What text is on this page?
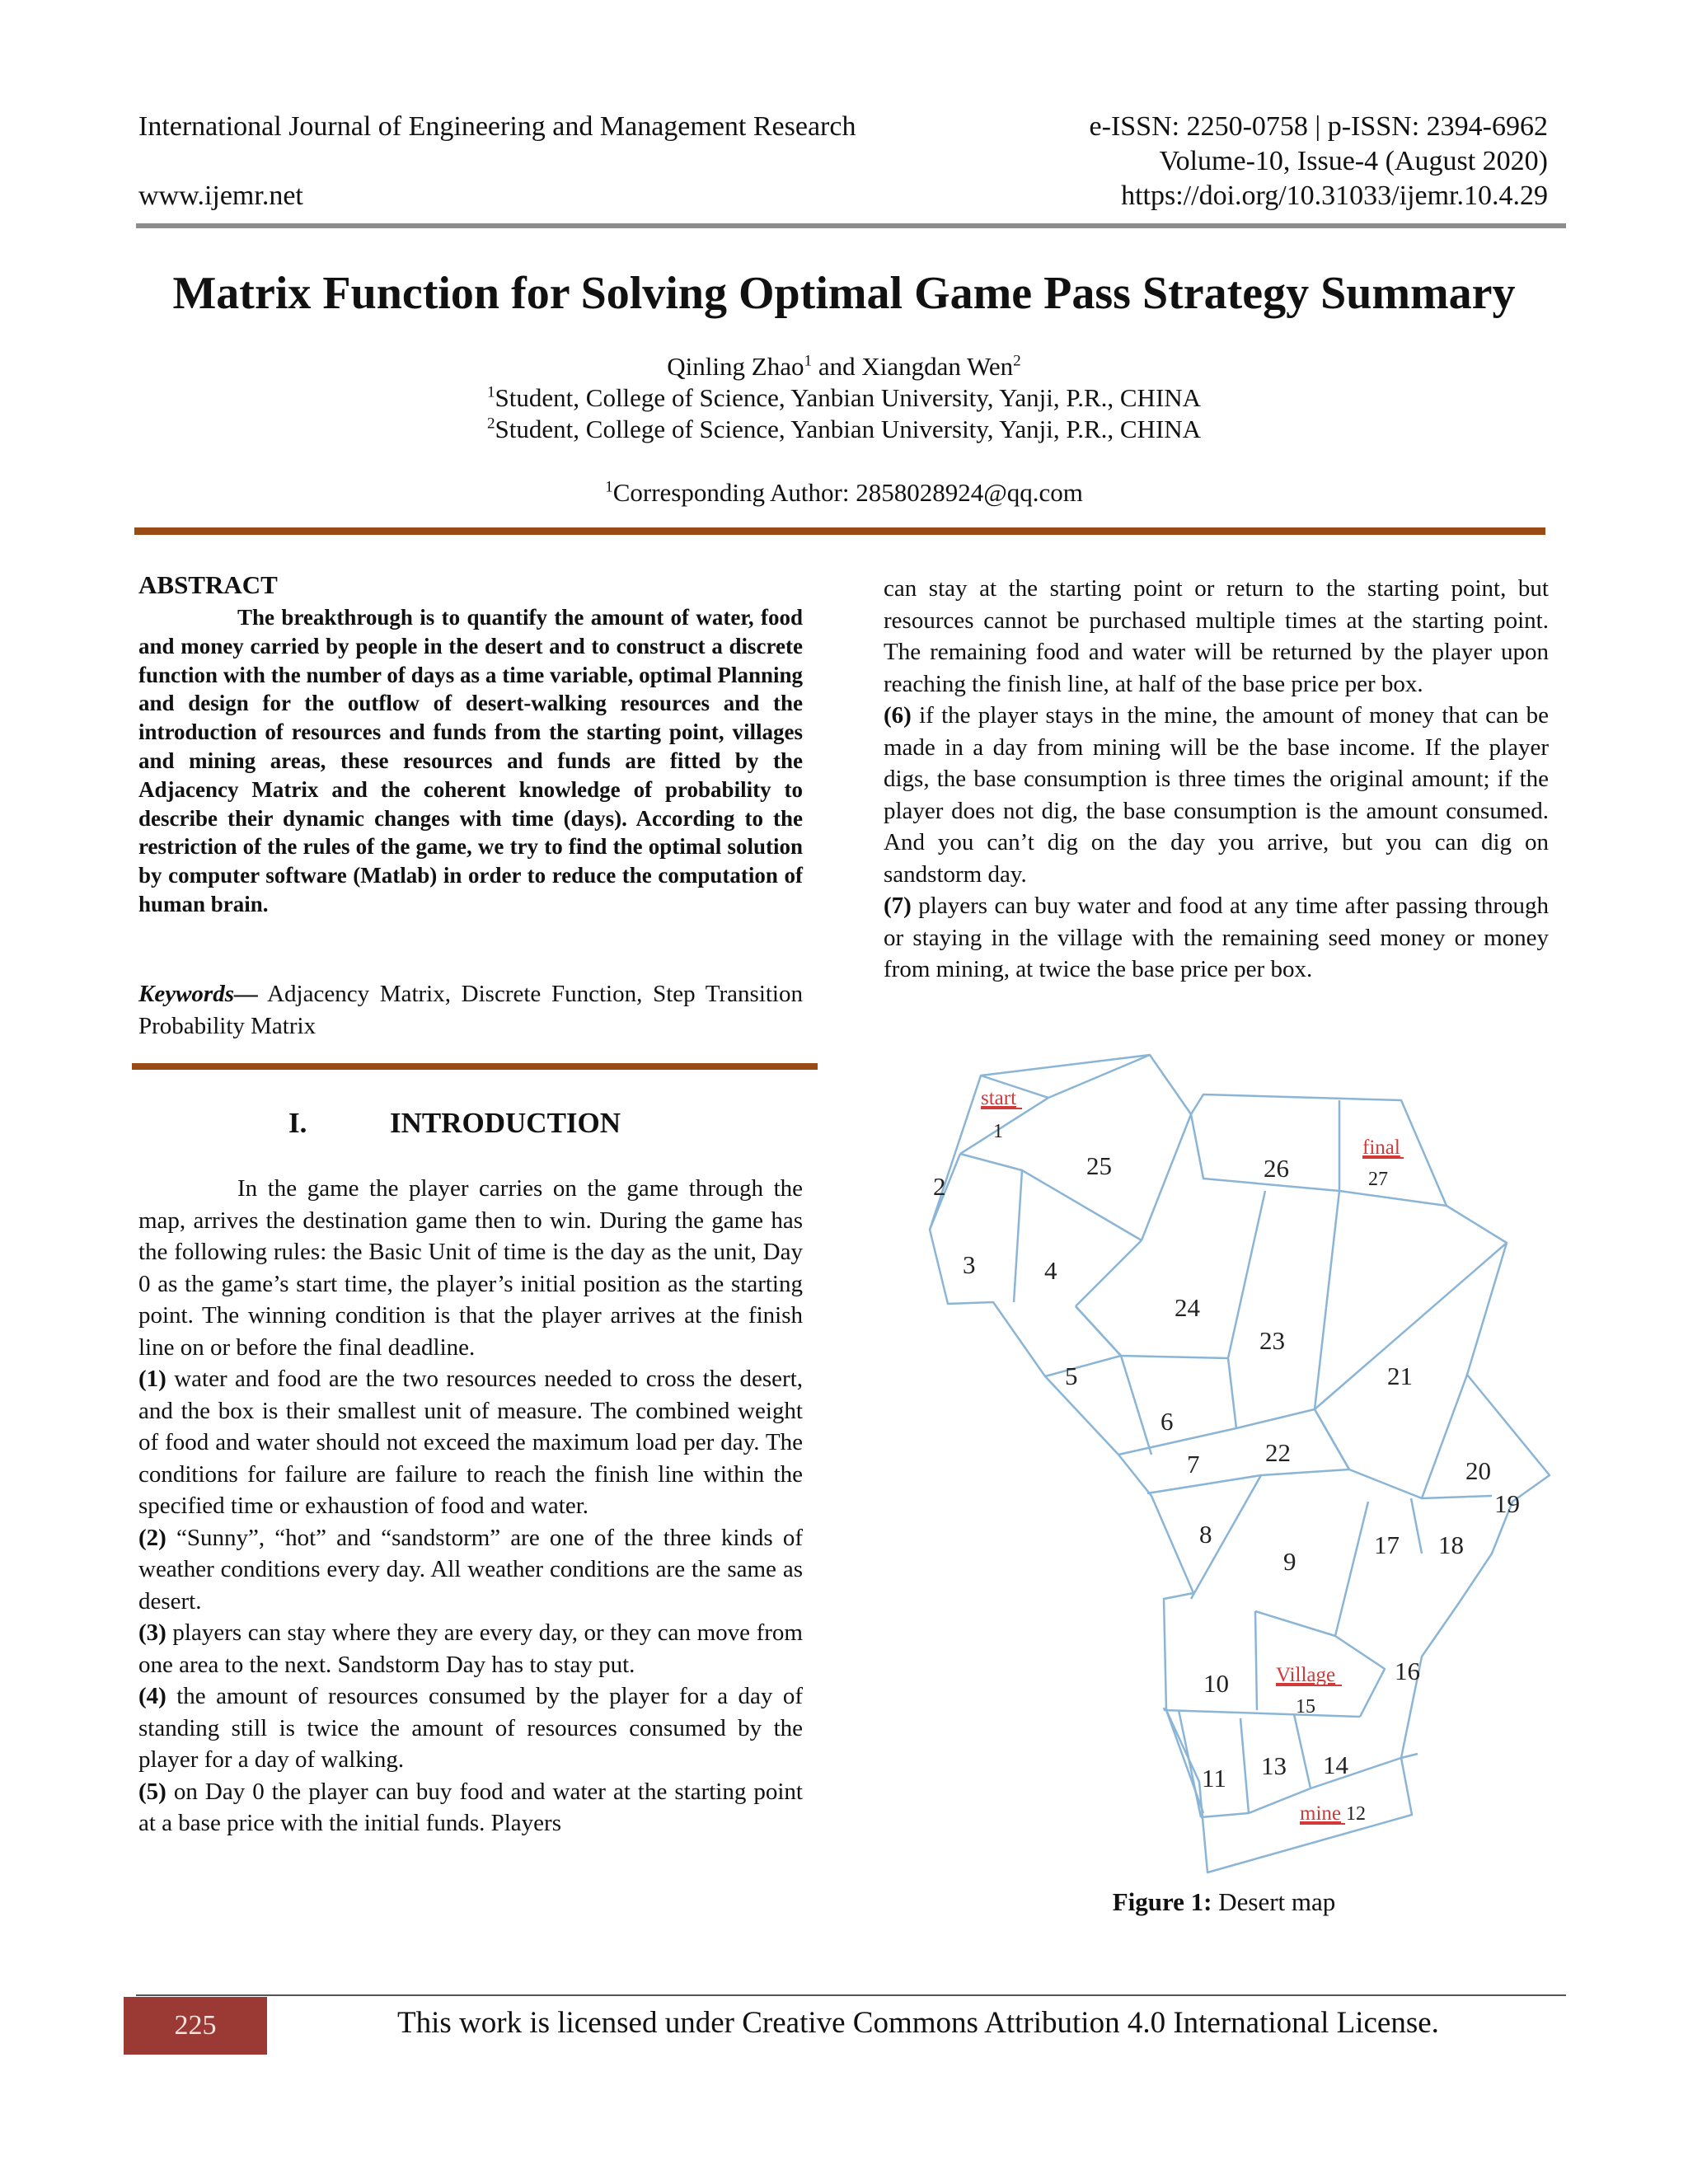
International Journal of Engineering and Management Research	e-ISSN: 2250-0758 | p-ISSN: 2394-6962
Volume-10, Issue-4 (August 2020)
www.ijemr.net	https://doi.org/10.31033/ijemr.10.4.29
Matrix Function for Solving Optimal Game Pass Strategy Summary
Qinling Zhao$^1$ and Xiangdan Wen$^2$
$^1$Student, College of Science, Yanbian University, Yanji, P.R., CHINA
$^2$Student, College of Science, Yanbian University, Yanji, P.R., CHINA
$^1$Corresponding Author: 2858028924@qq.com
ABSTRACT
The breakthrough is to quantify the amount of water, food and money carried by people in the desert and to construct a discrete function with the number of days as a time variable, optimal Planning and design for the outflow of desert-walking resources and the introduction of resources and funds from the starting point, villages and mining areas, these resources and funds are fitted by the Adjacency Matrix and the coherent knowledge of probability to describe their dynamic changes with time (days). According to the restriction of the rules of the game, we try to find the optimal solution by computer software (Matlab) in order to reduce the computation of human brain.
Keywords— Adjacency Matrix, Discrete Function, Step Transition Probability Matrix
I.	INTRODUCTION

In the game the player carries on the game through the map, arrives the destination game then to win. During the game has the following rules: the Basic Unit of time is the day as the unit, Day 0 as the game’s start time, the player’s initial position as the starting point. The winning condition is that the player arrives at the finish line on or before the final deadline.

(1) water and food are the two resources needed to cross the desert, and the box is their smallest unit of measure. The combined weight of food and water should not exceed the maximum load per day. The conditions for failure are failure to reach the finish line within the specified time or exhaustion of food and water.

(2) “Sunny”, “hot” and “sandstorm” are one of the three kinds of weather conditions every day. All weather conditions are the same as desert.

(3) players can stay where they are every day, or they can move from one area to the next. Sandstorm Day has to stay put.

(4) the amount of resources consumed by the player for a day of standing still is twice the amount of resources consumed by the player for a day of walking.

(5) on Day 0 the player can buy food and water at the starting point at a base price with the initial funds. Players

can stay at the starting point or return to the starting point, but resources cannot be purchased multiple times at the starting point. The remaining food and water will be returned by the player upon reaching the finish line, at half of the base price per box.

(6) if the player stays in the mine, the amount of money that can be made in a day from mining will be the base income. If the player digs, the base consumption is three times the original amount; if the player does not dig, the base consumption is the amount consumed. And you can’t dig on the day you arrive, but you can dig on sandstorm day.

(7) players can buy water and food at any time after passing through or staying in the village with the remaining seed money or money from mining, at twice the base price per box.

start
final
Village
mine
1
2
3	4
5
6
7
8
9
10
11
12
13 14
15
16
17 18
19
20
21
22
23
24
25	26	27
Figure 1: Desert map
225	This work is licensed under Creative Commons Attribution 4.0 International License.
